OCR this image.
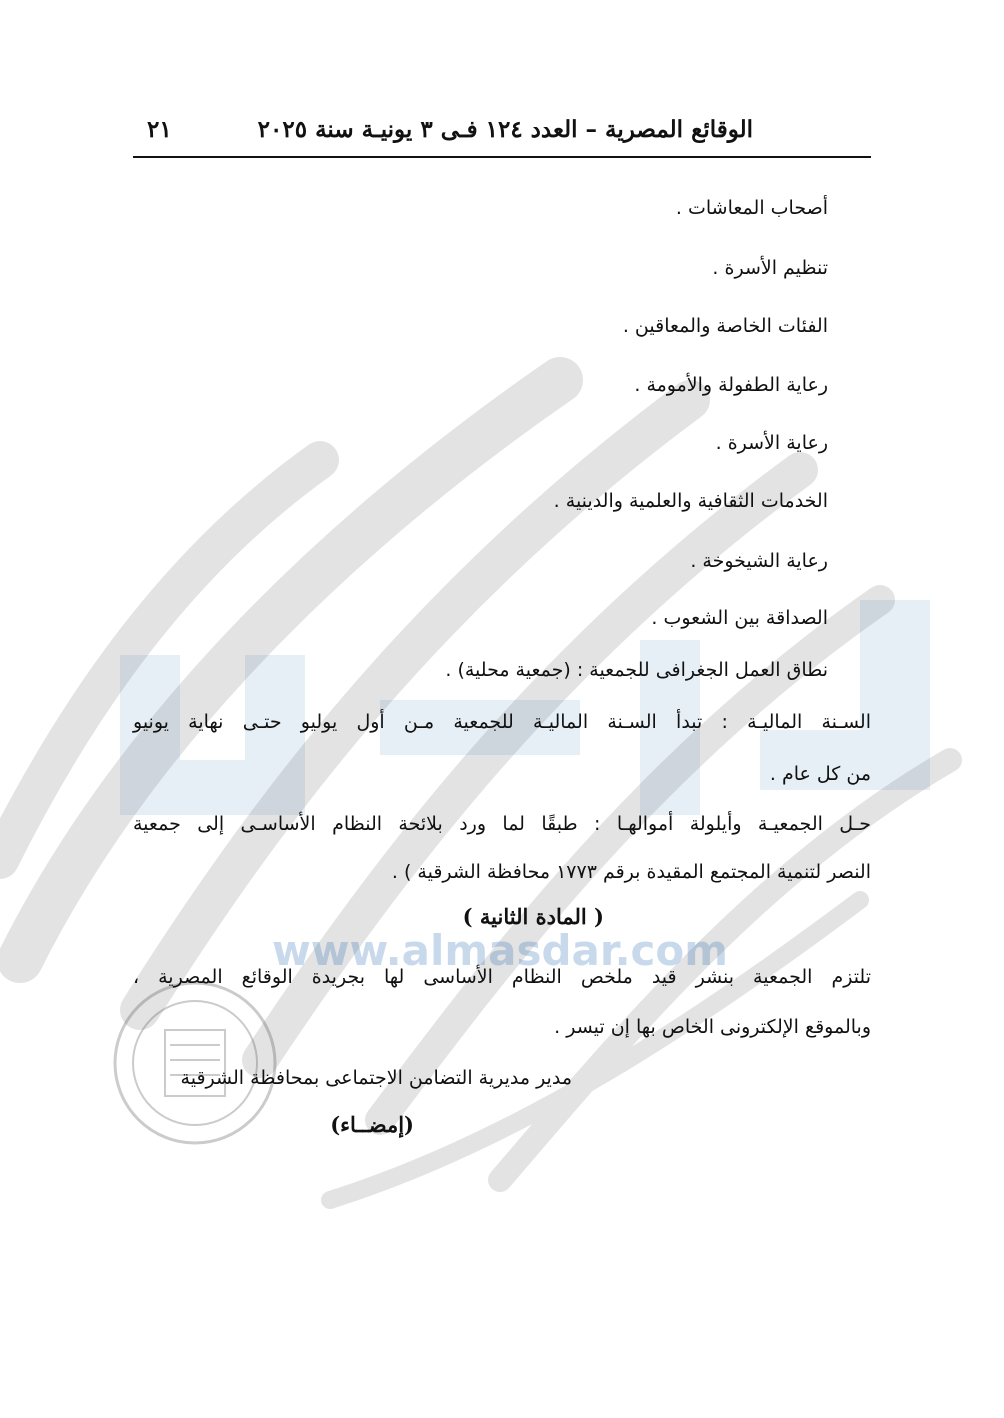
www.almasdar.com
الوقائع المصرية – العدد ١٢٤ فـى ٣ يونيـة سنة ٢٠٢٥
٢١
أصحاب المعاشات .
تنظيم الأسرة .
الفئات الخاصة والمعاقين .
رعاية الطفولة والأمومة .
رعاية الأسرة .
الخدمات الثقافية والعلمية والدينية .
رعاية الشيخوخة .
الصداقة بين الشعوب .
نطاق العمل الجغرافى للجمعية : (جمعية محلية) .
السـنة الماليـة : تبدأ السـنة الماليـة للجمعية مـن أول يوليو حتـى نهاية يونيو
من كل عام .
حـل الجمعيـة وأيلولة أموالهـا : طبقًا لما ورد بلائحة النظام الأساسـى إلى جمعية
النصر لتنمية المجتمع المقيدة برقم ١٧٧٣ محافظة الشرقية ) .
( المادة الثانية )
تلتزم الجمعية بنشر قيد ملخص النظام الأساسى لها بجريدة الوقائع المصرية ،
وبالموقع الإلكترونى الخاص بها إن تيسر .
مدير مديرية التضامن الاجتماعى بمحافظة الشرقية
(إمضــاء)
